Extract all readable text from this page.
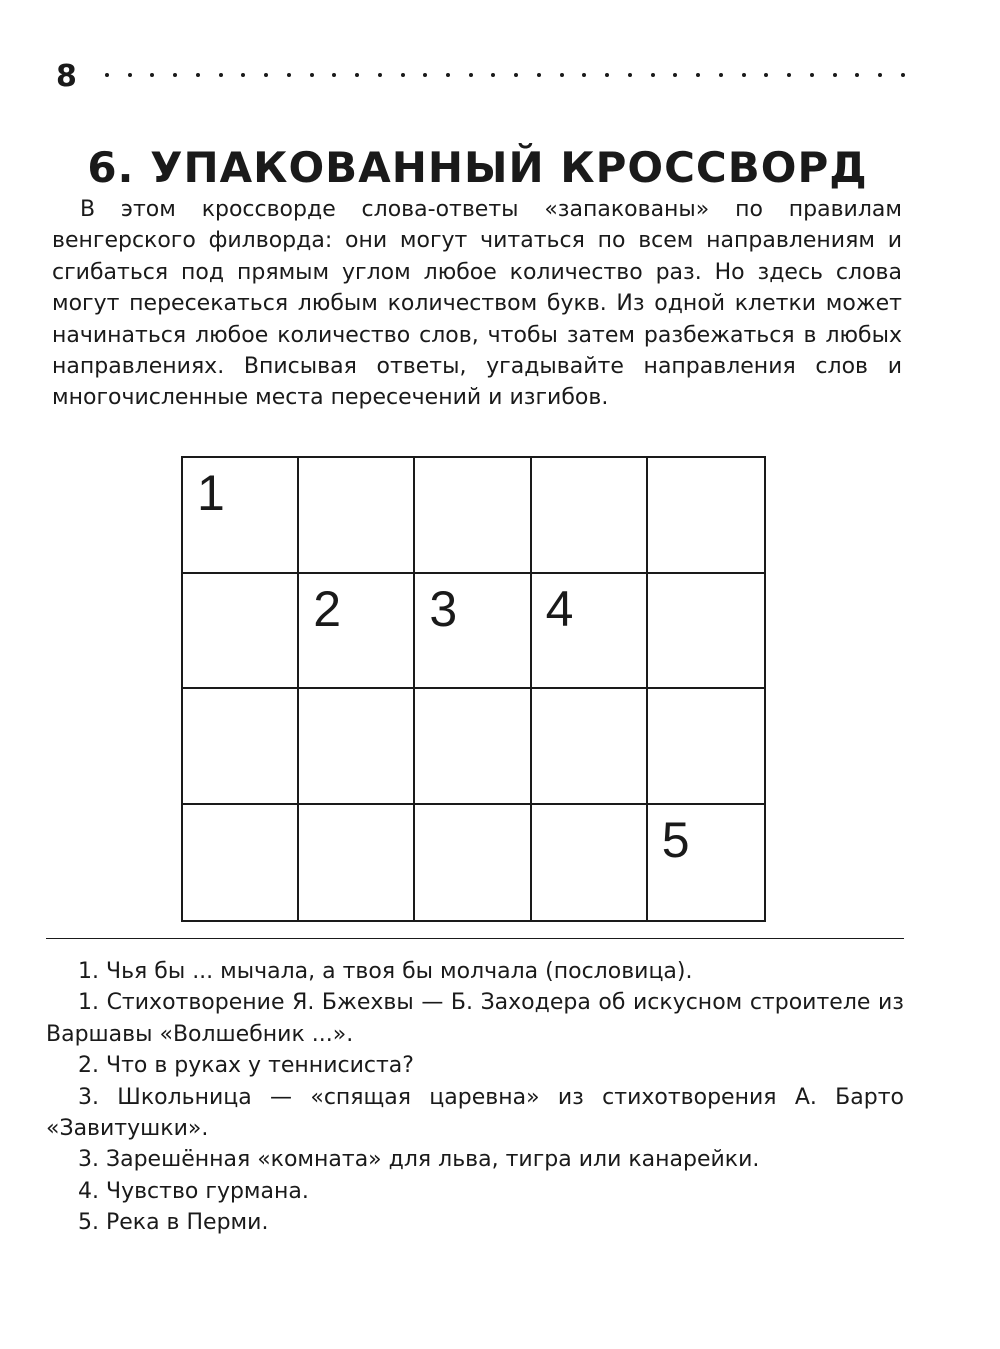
8
6. УПАКОВАННЫЙ КРОССВОРД

В этом кроссворде слова-ответы «запакованы» по правилам венгерского филворда: они могут читаться по всем направлениям и сгибаться под прямым углом любое количество раз. Но здесь слова могут пересекаться любым количеством букв. Из одной клетки может начинаться любое количество слов, чтобы затем разбежаться в любых направлениях. Вписывая ответы, угадывайте направления слов и многочисленные места пересечений и изгибов.

1
2 3 4
5
1. Чья бы ... мычала, а твоя бы молчала (пословица).
1. Стихотворение Я. Бжехвы — Б. Заходера об искусном строителе из Варшавы «Волшебник ...».
2. Что в руках у теннисиста?
3. Школьница — «спящая царевна» из стихотворения А. Барто «Завитушки».
3. Зарешённая «комната» для льва, тигра или канарейки.
4. Чувство гурмана.
5. Река в Перми.
